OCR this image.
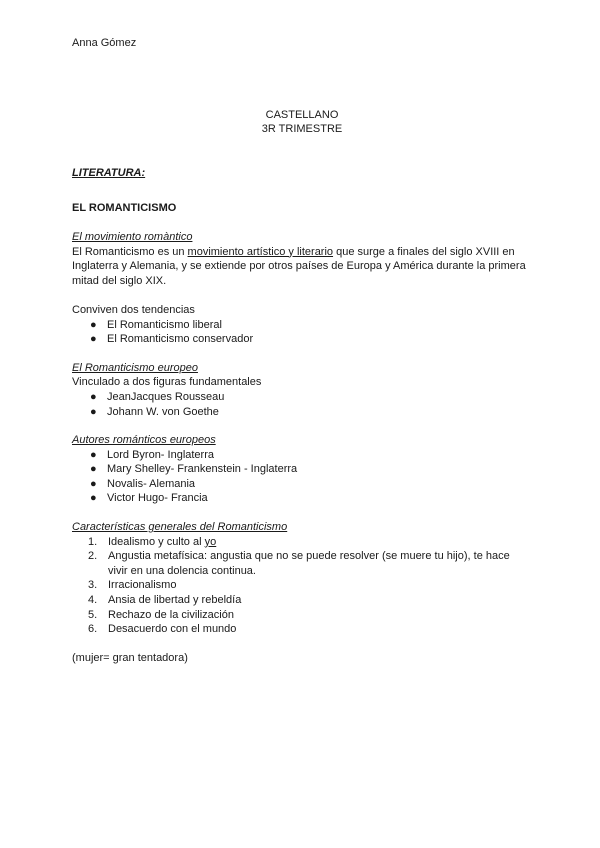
Anna Gómez

CASTELLANO
3R TRIMESTRE
LITERATURA:
EL ROMANTICISMO
El movimiento romàntico

El Romanticismo es un movimiento artístico y literario que surge a finales del siglo XVIII en Inglaterra y Alemania, y se extiende por otros países de Europa y América durante la primera mitad del siglo XIX.

Conviven dos tendencias

● El Romanticismo liberal
● El Romanticismo conservador
El Romanticismo europeo

Vinculado a dos figuras fundamentales

● JeanJacques Rousseau
● Johann W. von Goethe
Autores románticos europeos
● Lord Byron- Inglaterra
● Mary Shelley- Frankenstein - Inglaterra
● Novalis- Alemania
● Victor Hugo- Francia
Características generales del Romanticismo
1. Idealismo y culto al yo
2. Angustia metafísica: angustia que no se puede resolver (se muere tu hijo), te hace vivir en una dolencia continua.
3. Irracionalismo
4. Ansia de libertad y rebeldía
5. Rechazo de la civilización
6. Desacuerdo con el mundo

(mujer= gran tentadora)
